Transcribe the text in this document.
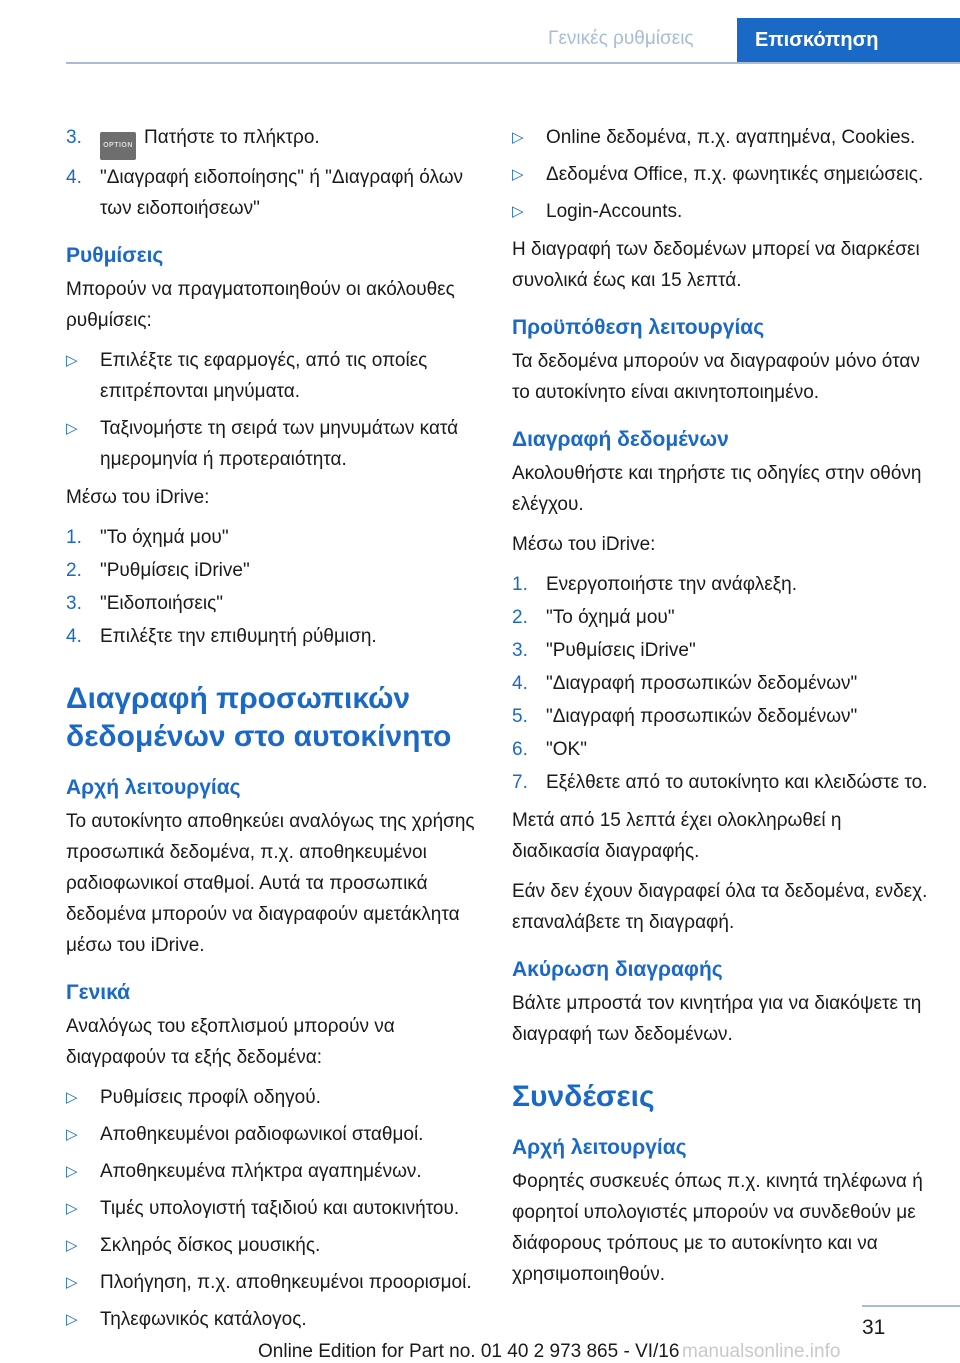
Γενικές ρυθμίσεις	Επισκόπηση
3.	OPTION Πατήστε το πλήκτρο.
4. "Διαγραφή ειδοποίησης" ή "Διαγραφή όλων των ειδοποιήσεων"
Ρυθμίσεις

Μπορούν να πραγματοποιηθούν οι ακόλουθες ρυθμίσεις:

▷ Επιλέξτε τις εφαρμογές, από τις οποίες επιτρέπονται μηνύματα.
▷ Ταξινομήστε τη σειρά των μηνυμάτων κατά ημερομηνία ή προτεραιότητα.

Μέσω του iDrive:

1. "Το όχημά μου"
2. "Ρυθμίσεις iDrive"
3. "Ειδοποιήσεις"
4. Επιλέξτε την επιθυμητή ρύθμιση.
Διαγραφή προσωπικών δεδομένων στο αυτοκίνητο
Αρχή λειτουργίας

Το αυτοκίνητο αποθηκεύει αναλόγως της χρήσης προσωπικά δεδομένα, π.χ. αποθηκευμένοι ραδιοφωνικοί σταθμοί. Αυτά τα προσωπικά δεδομένα μπορούν να διαγραφούν αμετάκλητα μέσω του iDrive.

Γενικά

Αναλόγως του εξοπλισμού μπορούν να διαγραφούν τα εξής δεδομένα:

▷ Ρυθμίσεις προφίλ οδηγού.
▷ Αποθηκευμένοι ραδιοφωνικοί σταθμοί.
▷ Αποθηκευμένα πλήκτρα αγαπημένων.
▷ Τιμές υπολογιστή ταξιδιού και αυτοκινήτου.
▷ Σκληρός δίσκος μουσικής.
▷ Πλοήγηση, π.χ. αποθηκευμένοι προορισμοί.
▷ Τηλεφωνικός κατάλογος.
▷ Online δεδομένα, π.χ. αγαπημένα, Cookies.
▷ Δεδομένα Office, π.χ. φωνητικές σημειώσεις.
▷ Login-Accounts.

Η διαγραφή των δεδομένων μπορεί να διαρκέσει συνολικά έως και 15 λεπτά.

Προϋπόθεση λειτουργίας

Τα δεδομένα μπορούν να διαγραφούν μόνο όταν το αυτοκίνητο είναι ακινητοποιημένο.

Διαγραφή δεδομένων

Ακολουθήστε και τηρήστε τις οδηγίες στην οθόνη ελέγχου.

Μέσω του iDrive:

1. Ενεργοποιήστε την ανάφλεξη.
2. "Το όχημά μου"
3. "Ρυθμίσεις iDrive"
4. "Διαγραφή προσωπικών δεδομένων"
5. "Διαγραφή προσωπικών δεδομένων"
6. "OK"
7. Εξέλθετε από το αυτοκίνητο και κλειδώστε το.

Μετά από 15 λεπτά έχει ολοκληρωθεί η διαδικασία διαγραφής.

Εάν δεν έχουν διαγραφεί όλα τα δεδομένα, ενδεχ. επαναλάβετε τη διαγραφή.

Ακύρωση διαγραφής

Βάλτε μπροστά τον κινητήρα για να διακόψετε τη διαγραφή των δεδομένων.

Συνδέσεις
Αρχή λειτουργίας

Φορητές συσκευές όπως π.χ. κινητά τηλέφωνα ή φορητοί υπολογιστές μπορούν να συνδεθούν με διάφορους τρόπους με το αυτοκίνητο και να χρησιμοποιηθούν.

31
Online Edition for Part no. 01 40 2 973 865 - VI/16 manualsonline.info
